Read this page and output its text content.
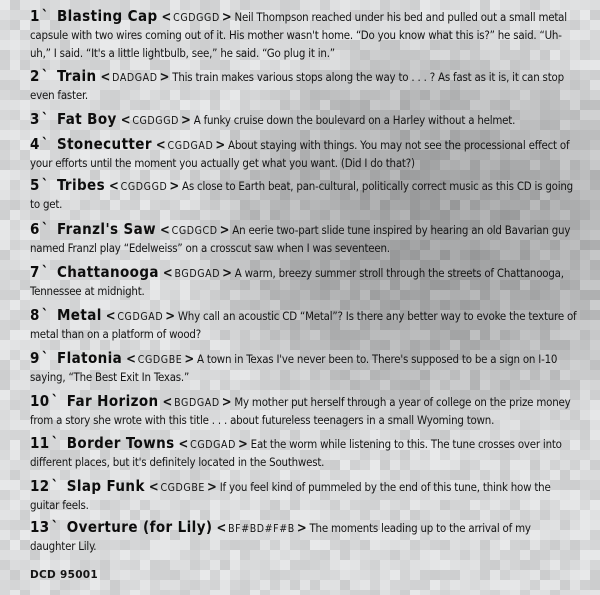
1 ` Blasting Cap < CGDGGD > Neil Thompson reached under his bed and pulled out a small metal capsule with two wires coming out of it. His mother wasn't home. “Do you know what this is?” he said. “Uh-uh,” I said. “It's a little lightbulb, see,” he said. “Go plug it in.”
2 ` Train < DADGAD > This train makes various stops along the way to . . . ? As fast as it is, it can stop even faster.
3 ` Fat Boy < CGDGGD > A funky cruise down the boulevard on a Harley without a helmet.
4 ` Stonecutter < CGDGAD > About staying with things. You may not see the processional effect of your efforts until the moment you actually get what you want. (Did I do that?)
5 ` Tribes < CGDGGD > As close to Earth beat, pan-cultural, politically correct music as this CD is going to get.
6 ` Franzl's Saw < CGDGCD > An eerie two-part slide tune inspired by hearing an old Bavarian guy named Franzl play “Edelweiss” on a crosscut saw when I was seventeen.
7 ` Chattanooga < BGDGAD > A warm, breezy summer stroll through the streets of Chattanooga, Tennessee at midnight.
8 ` Metal < CGDGAD > Why call an acoustic CD “Metal”? Is there any better way to evoke the texture of metal than on a platform of wood?
9 ` Flatonia < CGDGBE > A town in Texas I've never been to. There's supposed to be a sign on I-10 saying, “The Best Exit In Texas.”
10 ` Far Horizon < BGDGAD > My mother put herself through a year of college on the prize money from a story she wrote with this title . . . about futureless teenagers in a small Wyoming town.
11 ` Border Towns < CGDGAD > Eat the worm while listening to this. The tune crosses over into different places, but it's definitely located in the Southwest.
12 ` Slap Funk < CGDGBE > If you feel kind of pummeled by the end of this tune, think how the guitar feels.
13 ` Overture (for Lily) < BF#BD#F#B > The moments leading up to the arrival of my daughter Lily.
DCD 95001
